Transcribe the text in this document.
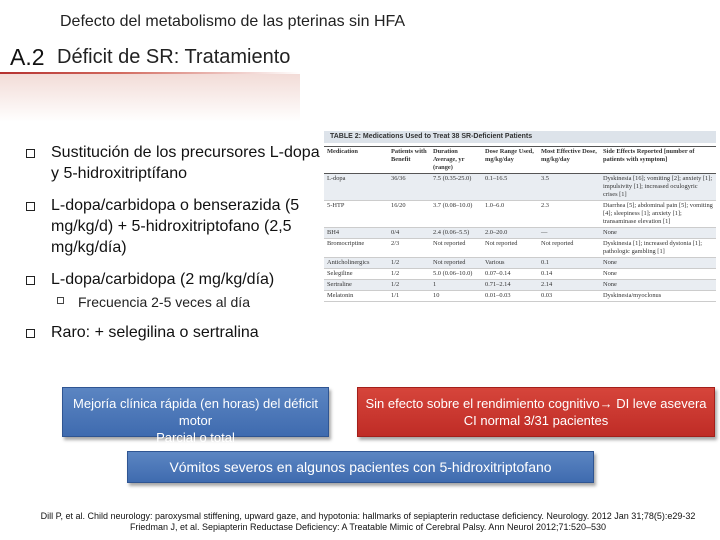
Defecto del metabolismo de las pterinas sin HFA
A.2 Déficit de SR: Tratamiento
Sustitución de los precursores L-dopa y 5-hidroxitriptífano
L-dopa/carbidopa o benserazida (5 mg/kg/d) + 5-hidroxitriptofano (2,5 mg/kg/día)
L-dopa/carbidopa (2 mg/kg/día)
Frecuencia 2-5 veces al día
Raro: + selegilina o sertralina
TABLE 2: Medications Used to Treat 38 SR-Deficient Patients
Medication	Patients with Benefit	Duration Average, yr (range)	Dose Range Used, mg/kg/day	Most Effective Dose, mg/kg/day	Side Effects Reported [number of patients with symptom]
L-dopa	36/36	7.5 (0.35-25.0)	0.1–16.5	3.5	Dyskinesia [16]; vomiting [2]; anxiety [1]; impulsivity [1]; increased oculogyric crises [1]
5-HTP	16/20	3.7 (0.08–10.0)	1.0–6.0	2.3	Diarrhea [5]; abdominal pain [5]; vomiting [4]; sleepiness [1]; anxiety [1]; transaminase elevation [1]
BH4	0/4	2.4 (0.06–5.5)	2.0–20.0	—	None
Bromocriptine	2/3	Not reported	Not reported	Not reported	Dyskinesia [1]; increased dystonia [1]; pathologic gambling [1]
Anticholinergics	1/2	Not reported	Various	0.1	None
Selegiline	1/2	5.0 (0.06–10.0)	0.07–0.14	0.14	None
Sertraline	1/2	1	0.71–2.14	2.14	None
Melatonin	1/1	10	0.01–0.03	0.03	Dyskinesia/myoclonus
Mejoría clínica rápida (en horas) del déficit motor
Parcial o total
Sin efecto sobre el rendimiento cognitivo→ DI leve asevera
CI normal 3/31 pacientes
Vómitos severos en algunos pacientes con 5-hidroxitriptofano
Dill P, et al. Child neurology: paroxysmal stiffening, upward gaze, and hypotonia: hallmarks of sepiapterin reductase deficiency. Neurology. 2012 Jan 31;78(5):e29-32
Friedman J, et al. Sepiapterin Reductase Deficiency: A Treatable Mimic of Cerebral Palsy. Ann Neurol 2012;71:520–530
